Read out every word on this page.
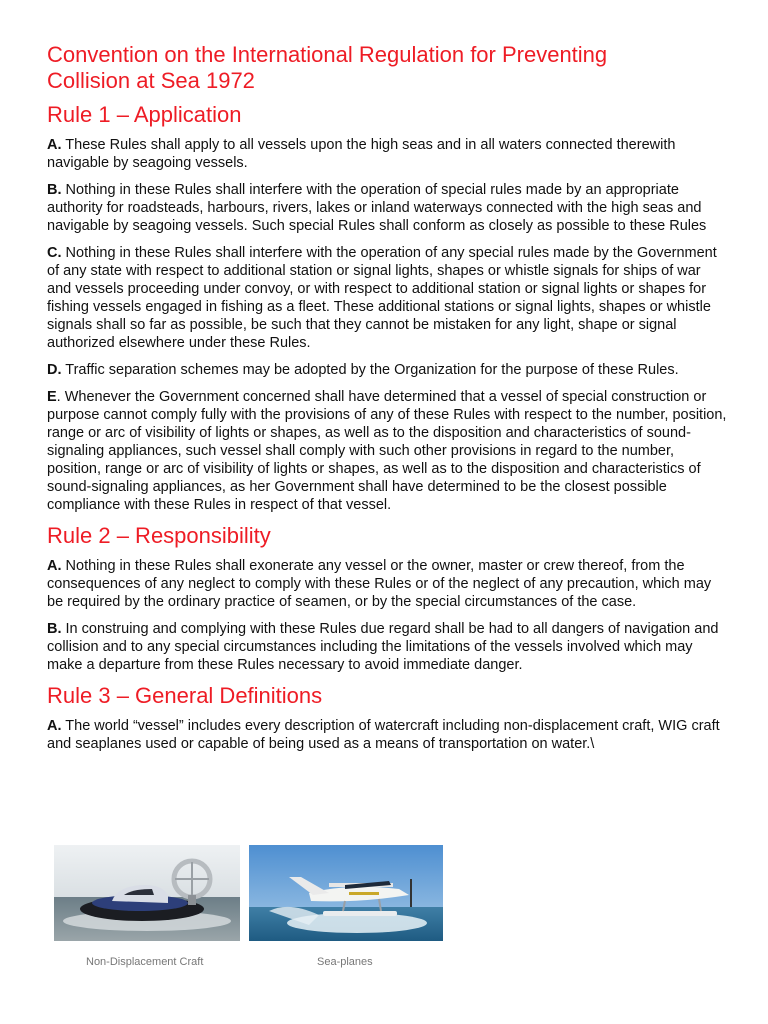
Convention on the International Regulation for Preventing
Collision at Sea 1972
Rule 1 – Application

A. These Rules shall apply to all vessels upon the high seas and in all waters connected therewith navigable by seagoing vessels.

B. Nothing in these Rules shall interfere with the operation of special rules made by an appropriate authority for roadsteads, harbours, rivers, lakes or inland waterways connected with the high seas and navigable by seagoing vessels. Such special Rules shall conform as closely as possible to these Rules

C. Nothing in these Rules shall interfere with the operation of any special rules made by the Government of any state with respect to additional station or signal lights, shapes or whistle signals for ships of war and vessels proceeding under convoy, or with respect to additional station or signal lights or shapes for fishing vessels engaged in fishing as a fleet. These additional stations or signal lights, shapes or whistle signals shall so far as possible, be such that they cannot be mistaken for any light, shape or signal authorized elsewhere under these Rules.

D. Traffic separation schemes may be adopted by the Organization for the purpose of these Rules.

E. Whenever the Government concerned shall have determined that a vessel of special construction or purpose cannot comply fully with the provisions of any of these Rules with respect to the number, position, range or arc of visibility of lights or shapes, as well as to the disposition and characteristics of sound-signaling appliances, such vessel shall comply with such other provisions in regard to the number, position, range or arc of visibility of lights or shapes, as well as to the disposition and characteristics of sound-signaling appliances, as her Government shall have determined to be the closest possible compliance with these Rules in respect of that vessel.

Rule 2 – Responsibility

A. Nothing in these Rules shall exonerate any vessel or the owner, master or crew thereof, from the consequences of any neglect to comply with these Rules or of the neglect of any precaution, which may be required by the ordinary practice of seamen, or by the special circumstances of the case.

B. In construing and complying with these Rules due regard shall be had to all dangers of navigation and collision and to any special circumstances including the limitations of the vessels involved which may make a departure from these Rules necessary to avoid immediate danger.

Rule 3 – General Definitions

A. The world “vessel” includes every description of watercraft including non-displacement craft, WIG craft and seaplanes used or capable of being used as a means of transportation on water.\

Non-Displacement Craft	Sea-planes
